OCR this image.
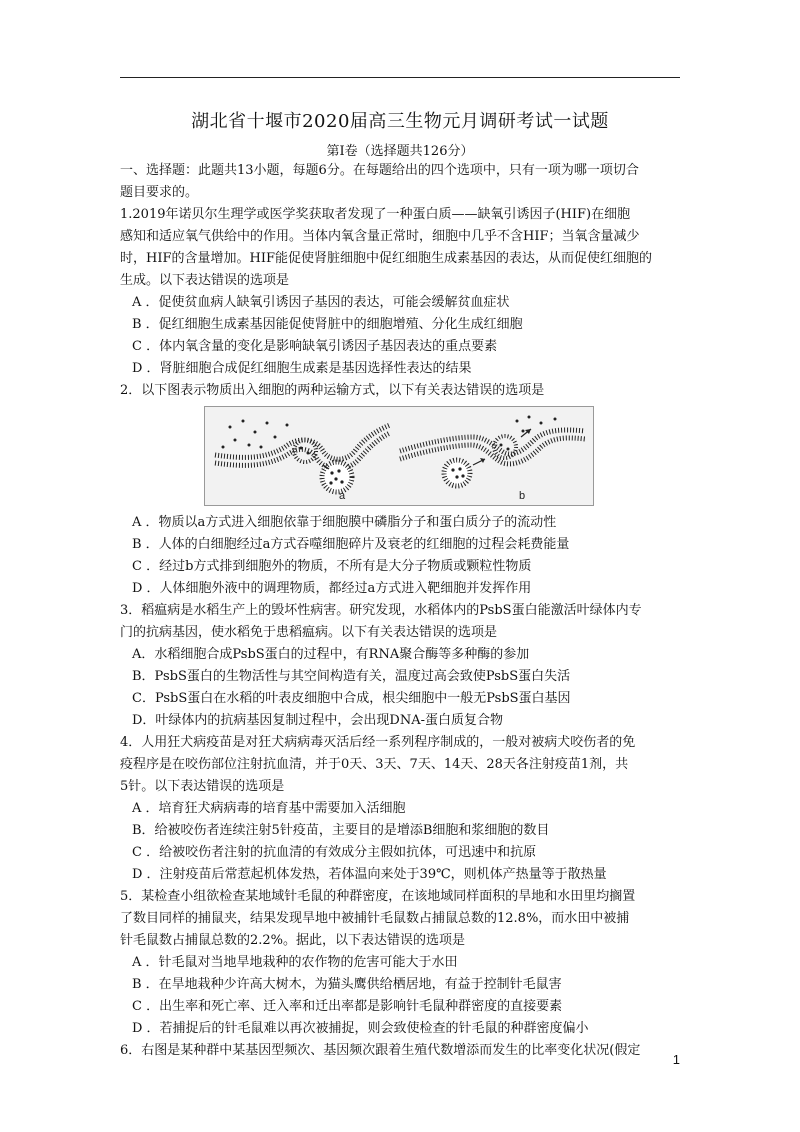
湖北省十堰市2020届高三生物元月调研考试一试题
第Ⅰ卷（选择题共126分）

一、选择题：此题共13小题，每题6分。在每题给出的四个选项中，只有一项为哪一项切合

题目要求的。

1.2019年诺贝尔生理学或医学奖获取者发现了一种蛋白质——缺氧引诱因子(HIF)在细胞

感知和适应氧气供给中的作用。当体内氧含量正常时，细胞中几乎不含HIF；当氧含量减少

时，HIF的含量增加。HIF能促使肾脏细胞中促红细胞生成素基因的表达，从而促使红细胞的

生成。以下表达错误的选项是

A ．促使贫血病人缺氧引诱因子基因的表达，可能会缓解贫血症状

B ．促红细胞生成素基因能促使肾脏中的细胞增殖、分化生成红细胞

C ．体内氧含量的变化是影响缺氧引诱因子基因表达的重点要素

D ．肾脏细胞合成促红细胞生成素是基因选择性表达的结果

2．以下图表示物质出入细胞的两种运输方式，以下有关表达错误的选项是

a	b

A ．物质以a方式进入细胞依靠于细胞膜中磷脂分子和蛋白质分子的流动性

B ．人体的白细胞经过a方式吞噬细胞碎片及衰老的红细胞的过程会耗费能量

C ．经过b方式排到细胞外的物质，不所有是大分子物质或颗粒性物质

D ．人体细胞外液中的调理物质，都经过a方式进入靶细胞并发挥作用

3．稻瘟病是水稻生产上的毁坏性病害。研究发现，水稻体内的PsbS蛋白能激活叶绿体内专

门的抗病基因，使水稻免于患稻瘟病。以下有关表达错误的选项是

A．水稻细胞合成PsbS蛋白的过程中，有RNA聚合酶等多种酶的参加

B．PsbS蛋白的生物活性与其空间构造有关，温度过高会致使PsbS蛋白失活

C．PsbS蛋白在水稻的叶表皮细胞中合成，根尖细胞中一般无PsbS蛋白基因

D．叶绿体内的抗病基因复制过程中，会出现DNA-蛋白质复合物

4．人用狂犬病疫苗是对狂犬病病毒灭活后经一系列程序制成的，一般对被病犬咬伤者的免

疫程序是在咬伤部位注射抗血清，并于0天、3天、7天、14天、28天各注射疫苗1剂，共

5针。以下表达错误的选项是

A ．培育狂犬病病毒的培育基中需要加入活细胞

B．给被咬伤者连续注射5针疫苗，主要目的是增添B细胞和浆细胞的数目

C ．给被咬伤者注射的抗血清的有效成分主假如抗体，可迅速中和抗原

D ．注射疫苗后常惹起机体发热，若体温向来处于39℃，则机体产热量等于散热量

5．某检查小组欲检查某地域针毛鼠的种群密度，在该地域同样面积的旱地和水田里均搁置

了数目同样的捕鼠夹，结果发现旱地中被捕针毛鼠数占捕鼠总数的12.8%，而水田中被捕

针毛鼠数占捕鼠总数的2.2%。据此，以下表达错误的选项是

A ．针毛鼠对当地旱地栽种的农作物的危害可能大于水田

B ．在旱地栽种少许高大树木，为猫头鹰供给栖居地，有益于控制针毛鼠害

C ．出生率和死亡率、迁入率和迁出率都是影响针毛鼠种群密度的直接要素

D ．若捕捉后的针毛鼠难以再次被捕捉，则会致使检查的针毛鼠的种群密度偏小

6．右图是某种群中某基因型频次、基因频次跟着生殖代数增添而发生的比率变化状况(假定

1
